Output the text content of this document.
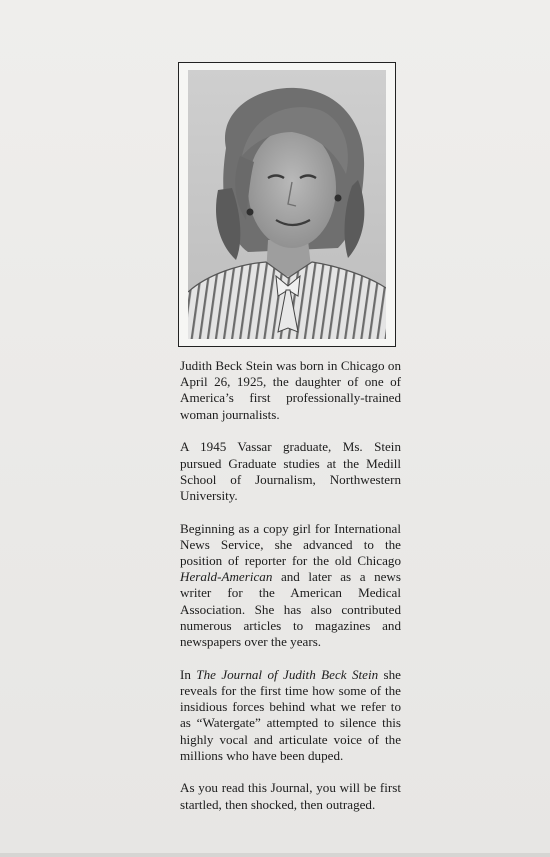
Judith Beck Stein was born in Chicago on April 26, 1925, the daughter of one of America’s first professionally-trained woman journalists.

A 1945 Vassar graduate, Ms. Stein pursued Graduate studies at the Medill School of Journalism, Northwestern University.

Beginning as a copy girl for International News Service, she advanced to the position of reporter for the old Chicago Herald-American and later as a news writer for the American Medical Association. She has also contributed numerous articles to magazines and newspapers over the years.

In The Journal of Judith Beck Stein she reveals for the first time how some of the insidious forces behind what we refer to as “Watergate” attempted to silence this highly vocal and articulate voice of the millions who have been duped.

As you read this Journal, you will be first startled, then shocked, then outraged.
